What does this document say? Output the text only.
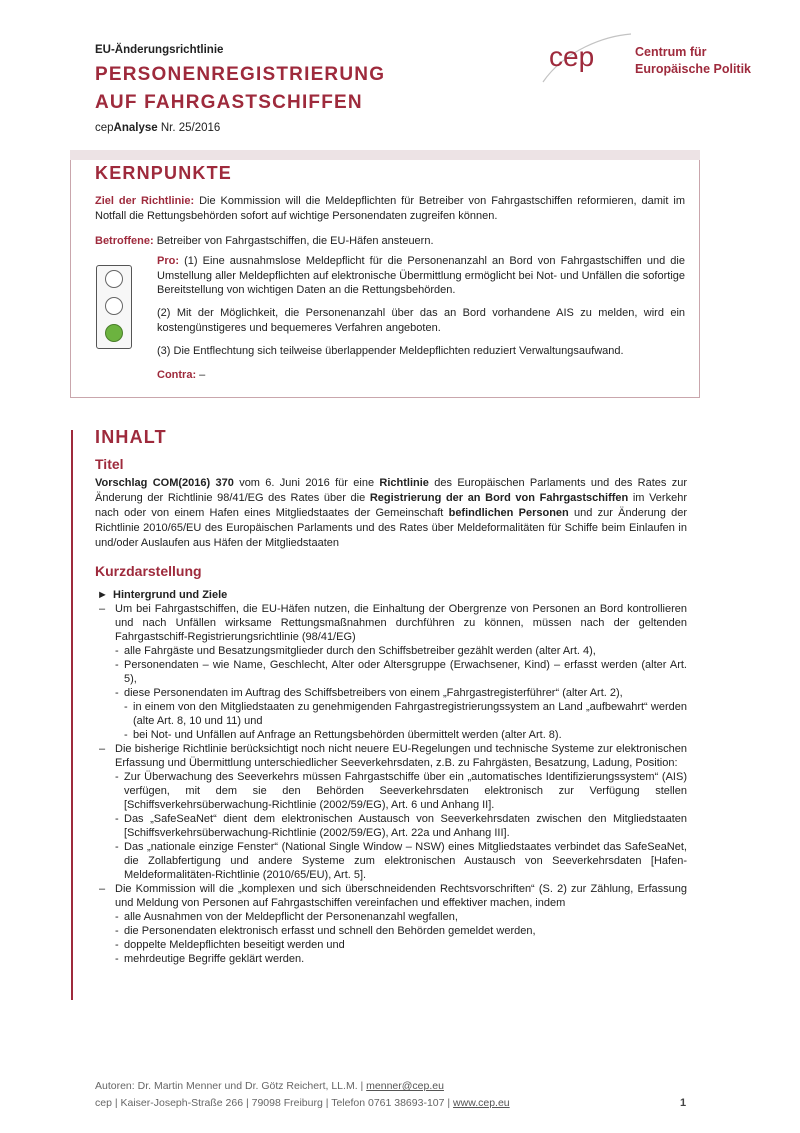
EU-Änderungsrichtlinie
PERSONENREGISTRIERUNG
AUF FAHRGASTSCHIFFEN
cepAnalyse Nr. 25/2016
cep	Centrum für
Europäische Politik
KERNPUNKTE
Ziel der Richtlinie: Die Kommission will die Meldepflichten für Betreiber von Fahrgastschiffen reformieren, damit im Notfall die Rettungsbehörden sofort auf wichtige Personendaten zugreifen können.
Betroffene: Betreiber von Fahrgastschiffen, die EU-Häfen ansteuern.
Pro: (1) Eine ausnahmslose Meldepflicht für die Personenanzahl an Bord von Fahrgastschiffen und die Umstellung aller Meldepflichten auf elektronische Übermittlung ermöglicht bei Not- und Unfällen die sofortige Bereitstellung von wichtigen Daten an die Rettungsbehörden.
(2) Mit der Möglichkeit, die Personenanzahl über das an Bord vorhandene AIS zu melden, wird ein kostengünstigeres und bequemeres Verfahren angeboten.
(3) Die Entflechtung sich teilweise überlappender Meldepflichten reduziert Verwaltungsaufwand.
Contra: –
INHALT
Titel
Vorschlag COM(2016) 370 vom 6. Juni 2016 für eine Richtlinie des Europäischen Parlaments und des Rates zur Änderung der Richtlinie 98/41/EG des Rates über die Registrierung der an Bord von Fahrgastschiffen im Verkehr nach oder von einem Hafen eines Mitgliedstaates der Gemeinschaft befindlichen Personen und zur Änderung der Richtlinie 2010/65/EU des Europäischen Parlaments und des Rates über Meldeformalitäten für Schiffe beim Einlaufen in und/oder Auslaufen aus Häfen der Mitgliedstaaten
Kurzdarstellung
► Hintergrund und Ziele
– Um bei Fahrgastschiffen, die EU-Häfen nutzen, die Einhaltung der Obergrenze von Personen an Bord kontrollieren und nach Unfällen wirksame Rettungsmaßnahmen durchführen zu können, müssen nach der geltenden Fahrgastschiff-Registrierungsrichtlinie (98/41/EG)
- alle Fahrgäste und Besatzungsmitglieder durch den Schiffsbetreiber gezählt werden (alter Art. 4),
- Personendaten – wie Name, Geschlecht, Alter oder Altersgruppe (Erwachsener, Kind) – erfasst werden (alter Art. 5),
- diese Personendaten im Auftrag des Schiffsbetreibers von einem „Fahrgastregisterführer“ (alter Art. 2),
- in einem von den Mitgliedstaaten zu genehmigenden Fahrgastregistrierungssystem an Land „aufbewahrt“ werden (alte Art. 8, 10 und 11) und
- bei Not- und Unfällen auf Anfrage an Rettungsbehörden übermittelt werden (alter Art. 8).
– Die bisherige Richtlinie berücksichtigt noch nicht neuere EU-Regelungen und technische Systeme zur elektronischen Erfassung und Übermittlung unterschiedlicher Seeverkehrsdaten, z.B. zu Fahrgästen, Besatzung, Ladung, Position:
- Zur Überwachung des Seeverkehrs müssen Fahrgastschiffe über ein „automatisches Identifizierungssystem“ (AIS) verfügen, mit dem sie den Behörden Seeverkehrsdaten elektronisch zur Verfügung stellen [Schiffsverkehrsüberwachung-Richtlinie (2002/59/EG), Art. 6 und Anhang II].
- Das „SafeSeaNet“ dient dem elektronischen Austausch von Seeverkehrsdaten zwischen den Mitgliedstaaten [Schiffsverkehrsüberwachung-Richtlinie (2002/59/EG), Art. 22a und Anhang III].
- Das „nationale einzige Fenster“ (National Single Window – NSW) eines Mitgliedstaates verbindet das SafeSeaNet, die Zollabfertigung und andere Systeme zum elektronischen Austausch von Seeverkehrsdaten [Hafen-Meldeformalitäten-Richtlinie (2010/65/EU), Art. 5].
– Die Kommission will die „komplexen und sich überschneidenden Rechtsvorschriften“ (S. 2) zur Zählung, Erfassung und Meldung von Personen auf Fahrgastschiffen vereinfachen und effektiver machen, indem
- alle Ausnahmen von der Meldepflicht der Personenanzahl wegfallen,
- die Personendaten elektronisch erfasst und schnell den Behörden gemeldet werden,
- doppelte Meldepflichten beseitigt werden und
- mehrdeutige Begriffe geklärt werden.
Autoren: Dr. Martin Menner und Dr. Götz Reichert, LL.M. | menner@cep.eu
cep | Kaiser-Joseph-Straße 266 | 79098 Freiburg | Telefon 0761 38693-107 | www.cep.eu	1
